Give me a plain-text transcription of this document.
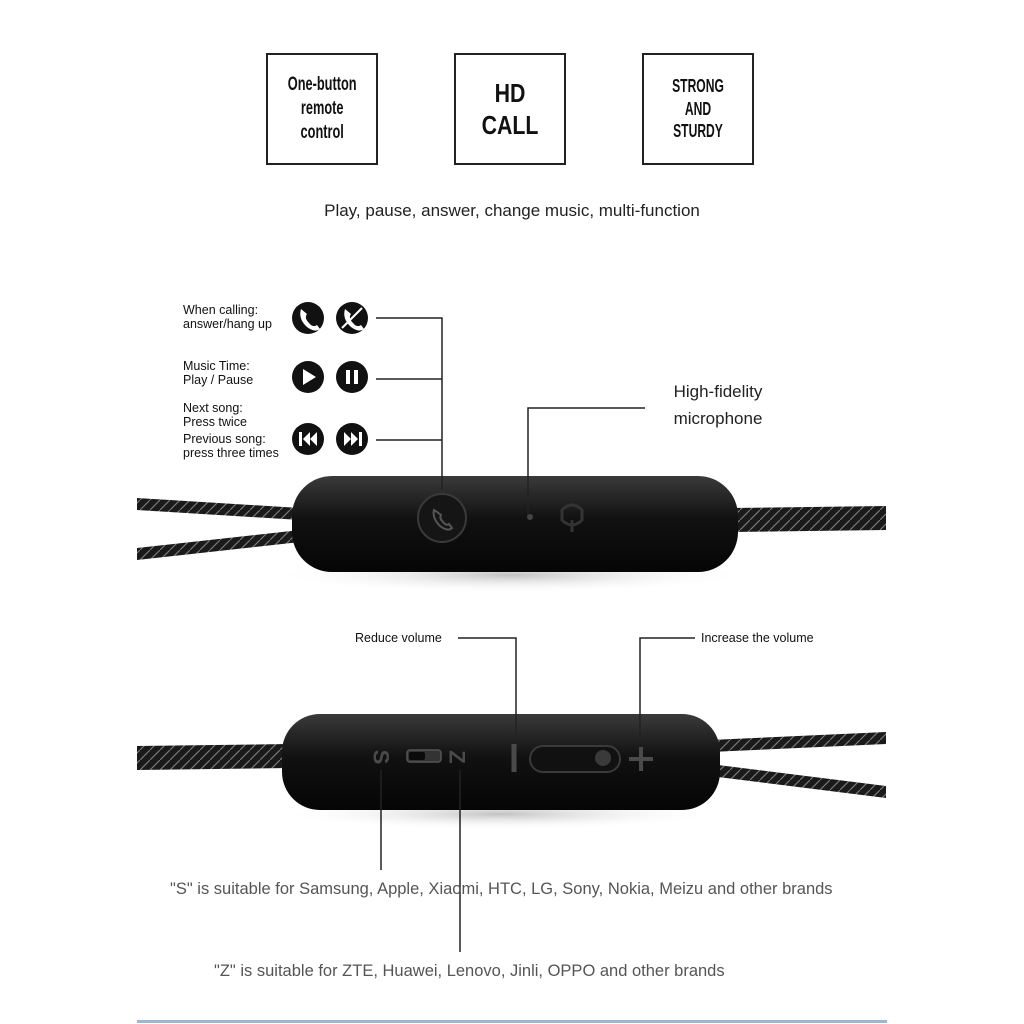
One-button
remote
control
HD CALL
STRONG AND
STURDY
Play, pause, answer, change music, multi-function
S Z
When calling:
answer/hang up
Music Time:
Play / Pause
Next song:
Press twice
Previous song:
press three times
High-fidelity
microphone
Reduce volume	Increase the volume
"S" is suitable for Samsung, Apple, Xiaomi, HTC, LG, Sony, Nokia, Meizu and other brands
"Z" is suitable for ZTE, Huawei, Lenovo, Jinli, OPPO and other brands
